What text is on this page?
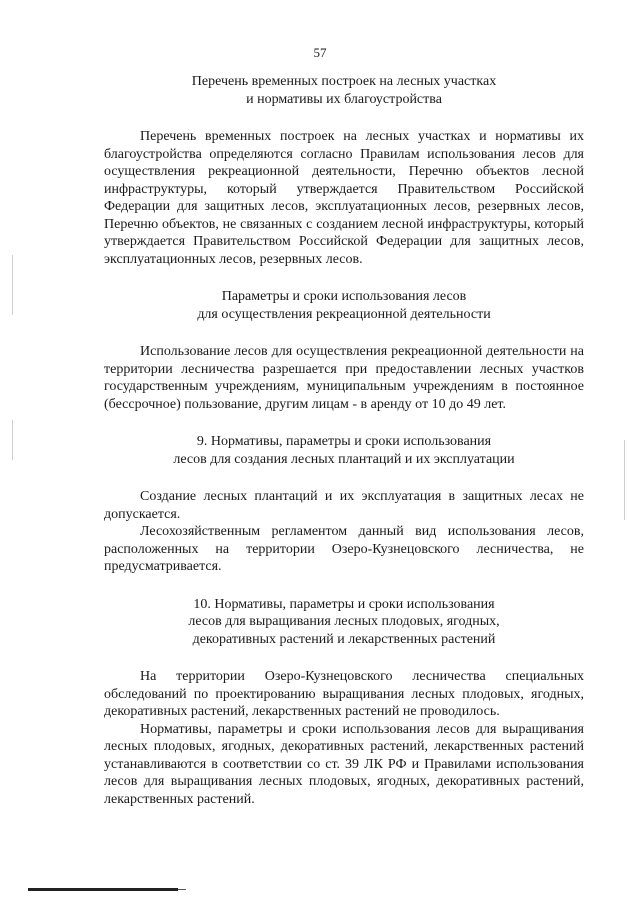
57

Перечень временных построек на лесных участках

и нормативы их благоустройства

Перечень временных построек на лесных участках и нормативы их благоустройства определяются согласно Правилам использования лесов для осуществления рекреационной деятельности, Перечню объектов лесной инфраструктуры, который утверждается Правительством Российской Федерации для защитных лесов, эксплуатационных лесов, резервных лесов, Перечню объектов, не связанных с созданием лесной инфраструктуры, который утверждается Правительством Российской Федерации для защитных лесов, эксплуатационных лесов, резервных лесов.

Параметры и сроки использования лесов

для осуществления рекреационной деятельности

Использование лесов для осуществления рекреационной деятельности на территории лесничества разрешается при предоставлении лесных участков государственным учреждениям, муниципальным учреждениям в постоянное (бессрочное) пользование, другим лицам - в аренду от 10 до 49 лет.

9. Нормативы, параметры и сроки использования

лесов для создания лесных плантаций и их эксплуатации

Создание лесных плантаций и их эксплуатация в защитных лесах не допускается.

Лесохозяйственным регламентом данный вид использования лесов, расположенных на территории Озеро-Кузнецовского лесничества, не предусматривается.

10. Нормативы, параметры и сроки использования

лесов для выращивания лесных плодовых, ягодных,

декоративных растений и лекарственных растений

На территории Озеро-Кузнецовского лесничества специальных обследований по проектированию выращивания лесных плодовых, ягодных, декоративных растений, лекарственных растений не проводилось.

Нормативы, параметры и сроки использования лесов для выращивания лесных плодовых, ягодных, декоративных растений, лекарственных растений устанавливаются в соответствии со ст. 39 ЛК РФ и Правилами использования лесов для выращивания лесных плодовых, ягодных, декоративных растений, лекарственных растений.
